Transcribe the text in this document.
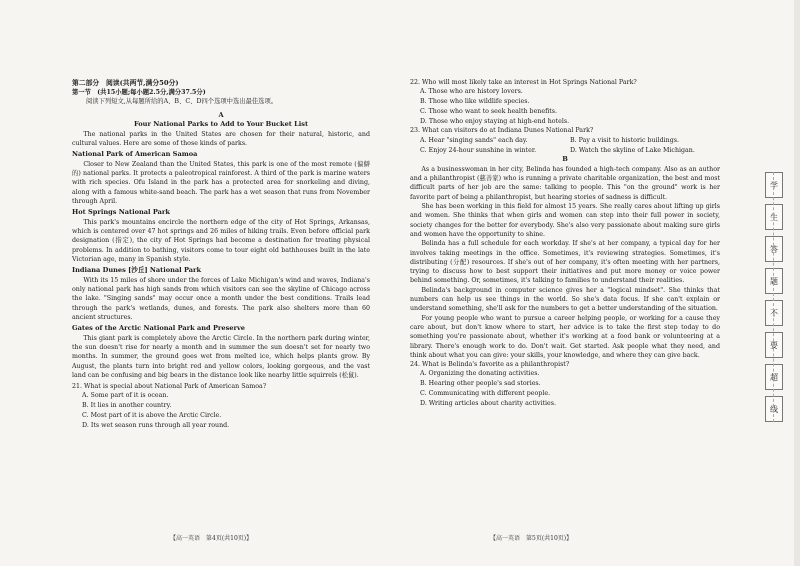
第二部分　阅读(共两节,满分50分)
第一节　(共15小题;每小题2.5分,满分37.5分)
阅读下列短文,从每题所给的A、B、C、D四个选项中选出最佳选项。
A
Four National Parks to Add to Your Bucket List

The national parks in the United States are chosen for their natural, historic, and cultural values. Here are some of those kinds of parks.

National Park of American Samoa

Closer to New Zealand than the United States, this park is one of the most remote (偏僻的) national parks. It protects a paleotropical rainforest. A third of the park is marine waters with rich species. Ofu Island in the park has a protected area for snorkeling and diving, along with a famous white-sand beach. The park has a wet season that runs from November through April.

Hot Springs National Park

This park's mountains encircle the northern edge of the city of Hot Springs, Arkansas, which is centered over 47 hot springs and 26 miles of hiking trails. Even before official park designation (指定), the city of Hot Springs had become a destination for treating physical problems. In addition to bathing, visitors come to tour eight old bathhouses built in the late Victorian age, many in Spanish style.

Indiana Dunes [沙丘] National Park

With its 15 miles of shore under the forces of Lake Michigan's wind and waves, Indiana's only national park has high sands from which visitors can see the skyline of Chicago across the lake. "Singing sands" may occur once a month under the best conditions. Trails lead through the park's wetlands, dunes, and forests. The park also shelters more than 60 ancient structures.

Gates of the Arctic National Park and Preserve

This giant park is completely above the Arctic Circle. In the northern park during winter, the sun doesn't rise for nearly a month and in summer the sun doesn't set for nearly two months. In summer, the ground goes wet from melted ice, which helps plants grow. By August, the plants turn into bright red and yellow colors, looking gorgeous, and the vast land can be confusing and big bears in the distance look like nearby little squirrels (松鼠).

21. What is special about National Park of American Samoa?
A. Some part of it is ocean.
B. It lies in another country.
C. Most part of it is above the Arctic Circle.
D. Its wet season runs through all year round.
【高一英语　第4页(共10页)】
22. Who will most likely take an interest in Hot Springs National Park?
A. Those who are history lovers.
B. Those who like wildlife species.
C. Those who want to seek health benefits.
D. Those who enjoy staying at high-end hotels.
23. What can visitors do at Indiana Dunes National Park?
A. Hear "singing sands" each day.	B. Pay a visit to historic buildings.
C. Enjoy 24-hour sunshine in winter.	D. Watch the skyline of Lake Michigan.
B

As a businesswoman in her city, Belinda has founded a high-tech company. Also as an author and a philanthropist (慈善家) who is running a private charitable organization, the best and most difficult parts of her job are the same: talking to people. This "on the ground" work is her favorite part of being a philanthropist, but hearing stories of sadness is difficult.

She has been working in this field for almost 15 years. She really cares about lifting up girls and women. She thinks that when girls and women can step into their full power in society, society changes for the better for everybody. She's also very passionate about making sure girls and women have the opportunity to shine.

Belinda has a full schedule for each workday. If she's at her company, a typical day for her involves taking meetings in the office. Sometimes, it's reviewing strategies. Sometimes, it's distributing (分配) resources. If she's out of her company, it's often meeting with her partners, trying to discuss how to best support their initiatives and put more money or voice power behind something. Or, sometimes, it's talking to families to understand their realities.

Belinda's background in computer science gives her a "logical mindset". She thinks that numbers can help us see things in the world. So she's data focus. If she can't explain or understand something, she'll ask for the numbers to get a better understanding of the situation.

For young people who want to pursue a career helping people, or working for a cause they care about, but don't know where to start, her advice is to take the first step today to do something you're passionate about, whether it's working at a food bank or volunteering at a library. There's enough work to do. Don't wait. Get started. Ask people what they need, and think about what you can give: your skills, your knowledge, and where they can give back.

24. What is Belinda's favorite as a philanthropist?
A. Organizing the donating activities.
B. Hearing other people's sad stories.
C. Communicating with different people.
D. Writing articles about charity activities.
【高一英语　第5页(共10页)】
学
生
答
题
不
要
超
线
